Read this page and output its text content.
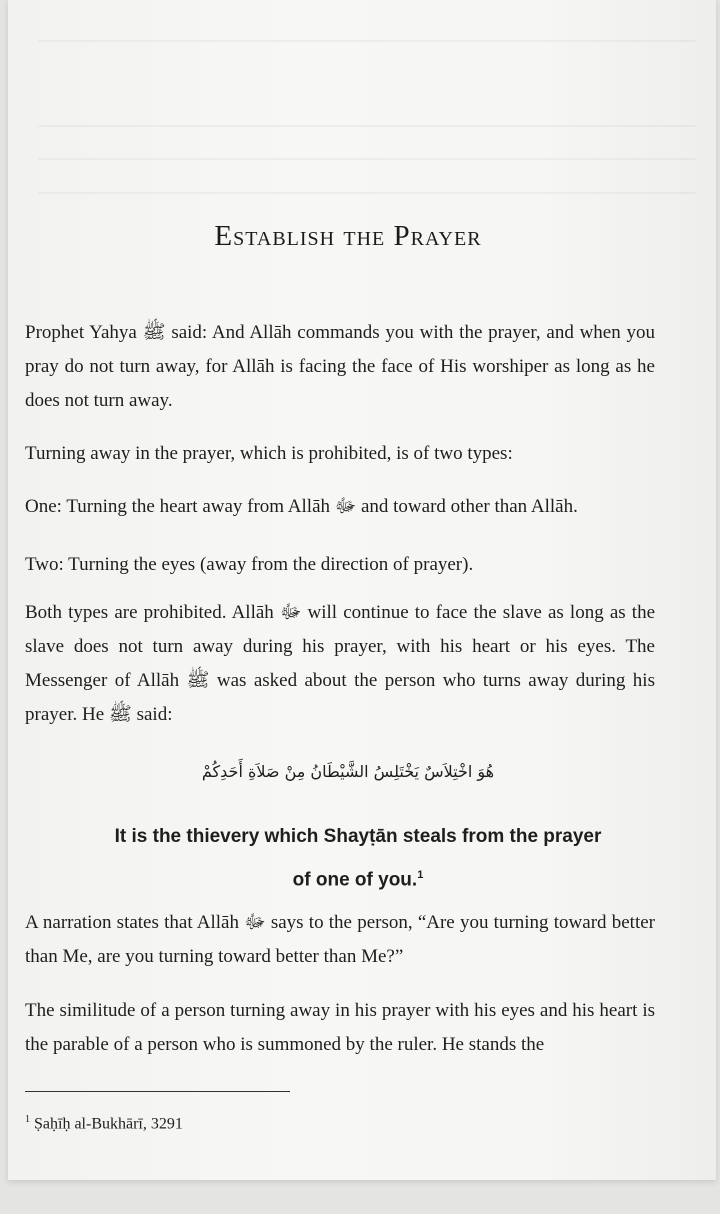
Establish the Prayer

Prophet Yahya ﷺ said: And Allāh commands you with the prayer, and when you pray do not turn away, for Allāh is facing the face of His worshiper as long as he does not turn away.

Turning away in the prayer, which is prohibited, is of two types:

One: Turning the heart away from Allāh ﷻ and toward other than Allāh.

Two: Turning the eyes (away from the direction of prayer).

Both types are prohibited. Allāh ﷻ will continue to face the slave as long as the slave does not turn away during his prayer, with his heart or his eyes. The Messenger of Allāh ﷺ was asked about the person who turns away during his prayer. He ﷺ said:

هُوَ اخْتِلاَسٌ يَخْتَلِسُ الشَّيْطَانُ مِنْ صَلاَةِ أَحَدِكُمْ

It is the thievery which Shayṭān steals from the prayer of one of you.$^1$

A narration states that Allāh ﷻ says to the person, “Are you turning toward better than Me, are you turning toward better than Me?”

The similitude of a person turning away in his prayer with his eyes and his heart is the parable of a person who is summoned by the ruler. He stands the

$^1$ Ṣaḥīḥ al-Bukhārī, 3291
